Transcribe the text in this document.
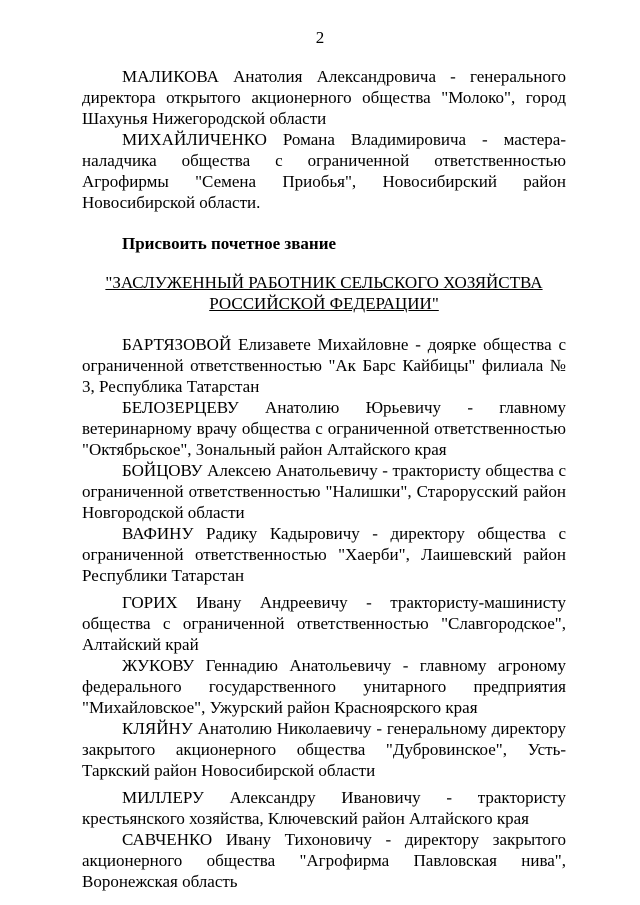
2

МАЛИКОВА Анатолия Александровича - генерального директора открытого акционерного общества "Молоко", город Шахунья Нижегородской области

МИХАЙЛИЧЕНКО Романа Владимировича - мастера-наладчика общества с ограниченной ответственностью Агрофирмы "Семена Приобья", Новосибирский район Новосибирской области.

Присвоить почетное звание

"ЗАСЛУЖЕННЫЙ РАБОТНИК СЕЛЬСКОГО ХОЗЯЙСТВА
РОССИЙСКОЙ ФЕДЕРАЦИИ"

БАРТЯЗОВОЙ Елизавете Михайловне - доярке общества с ограниченной ответственностью "Ак Барс Кайбицы" филиала № 3, Республика Татарстан

БЕЛОЗЕРЦЕВУ Анатолию Юрьевичу - главному ветеринарному врачу общества с ограниченной ответственностью "Октябрьское", Зональный район Алтайского края

БОЙЦОВУ Алексею Анатольевичу - трактористу общества с ограниченной ответственностью "Налишки", Старорусский район Новгородской области

ВАФИНУ Радику Кадыровичу - директору общества с ограниченной ответственностью "Хаерби", Лаишевский район Республики Татарстан

ГОРИХ Ивану Андреевичу - трактористу-машинисту общества с ограниченной ответственностью "Славгородское", Алтайский край

ЖУКОВУ Геннадию Анатольевичу - главному агроному федерального государственного унитарного предприятия "Михайловское", Ужурский район Красноярского края

КЛЯЙНУ Анатолию Николаевичу - генеральному директору закрытого акционерного общества "Дубровинское", Усть-Таркский район Новосибирской области

МИЛЛЕРУ Александру Ивановичу - трактористу крестьянского хозяйства, Ключевский район Алтайского края

САВЧЕНКО Ивану Тихоновичу - директору закрытого акционерного общества "Агрофирма Павловская нива", Воронежская область
